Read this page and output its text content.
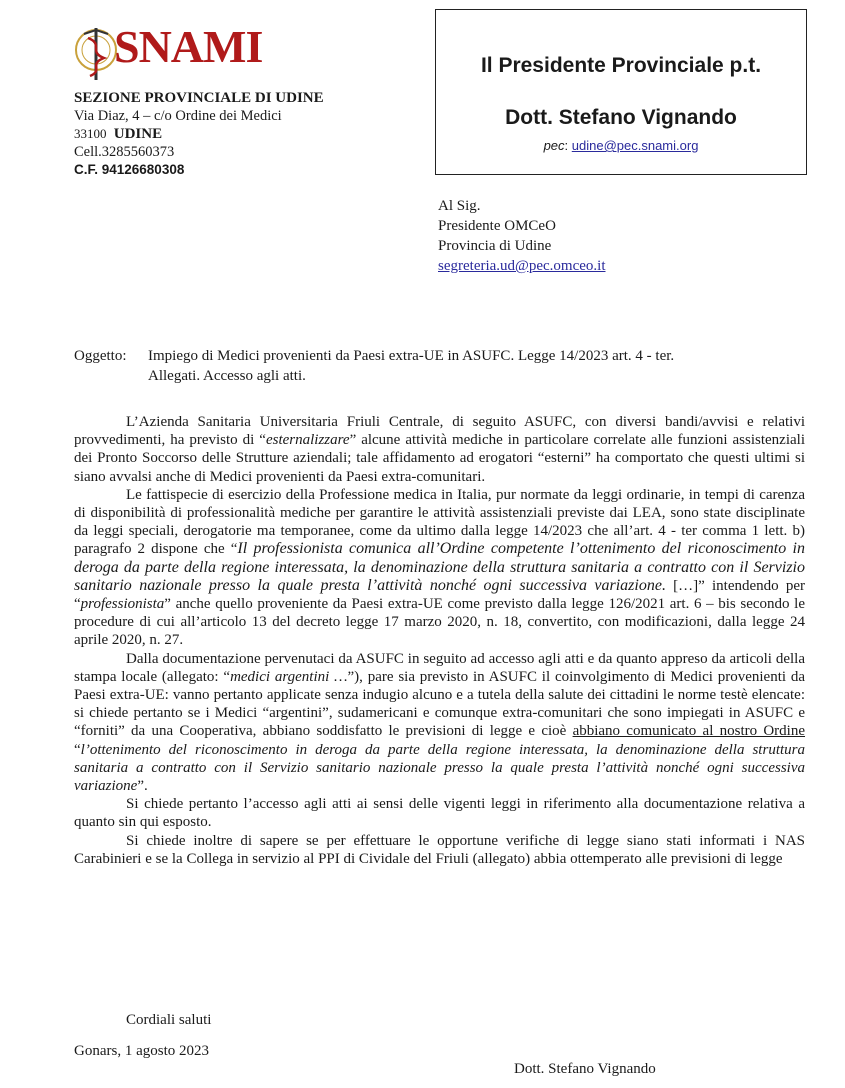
SNAMI
SEZIONE PROVINCIALE DI UDINE
Via Diaz, 4 – c/o Ordine dei Medici
33100 UDINE
Cell.3285560373
C.F. 94126680308
Il Presidente Provinciale p.t.
Dott. Stefano Vignando
pec: udine@pec.snami.org
Al Sig.
Presidente OMCeO
Provincia di Udine
segreteria.ud@pec.omceo.it
Oggetto: Impiego di Medici provenienti da Paesi extra-UE in ASUFC. Legge 14/2023 art. 4 - ter.
Allegati. Accesso agli atti.

L’Azienda Sanitaria Universitaria Friuli Centrale, di seguito ASUFC, con diversi bandi/avvisi e relativi provvedimenti, ha previsto di “esternalizzare” alcune attività mediche in particolare correlate alle funzioni assistenziali dei Pronto Soccorso delle Strutture aziendali; tale affidamento ad erogatori “esterni” ha comportato che questi ultimi si siano avvalsi anche di Medici provenienti da Paesi extra-comunitari.

Le fattispecie di esercizio della Professione medica in Italia, pur normate da leggi ordinarie, in tempi di carenza di disponibilità di professionalità mediche per garantire le attività assistenziali previste dai LEA, sono state disciplinate da leggi speciali, derogatorie ma temporanee, come da ultimo dalla legge 14/2023 che all’art. 4 - ter comma 1 lett. b) paragrafo 2 dispone che “Il professionista comunica all’Ordine competente l’ottenimento del riconoscimento in deroga da parte della regione interessata, la denominazione della struttura sanitaria a contratto con il Servizio sanitario nazionale presso la quale presta l’attività nonché ogni successiva variazione. […]” intendendo per “professionista” anche quello proveniente da Paesi extra-UE come previsto dalla legge 126/2021 art. 6 – bis secondo le procedure di cui all’articolo 13 del decreto legge 17 marzo 2020, n. 18, convertito, con modificazioni, dalla legge 24 aprile 2020, n. 27.

Dalla documentazione pervenutaci da ASUFC in seguito ad accesso agli atti e da quanto appreso da articoli della stampa locale (allegato: “medici argentini …”), pare sia previsto in ASUFC il coinvolgimento di Medici provenienti da Paesi extra-UE: vanno pertanto applicate senza indugio alcuno e a tutela della salute dei cittadini le norme testè elencate: si chiede pertanto se i Medici “argentini”, sudamericani e comunque extra-comunitari che sono impiegati in ASUFC e “forniti” da una Cooperativa, abbiano soddisfatto le previsioni di legge e cioè abbiano comunicato al nostro Ordine “l’ottenimento del riconoscimento in deroga da parte della regione interessata, la denominazione della struttura sanitaria a contratto con il Servizio sanitario nazionale presso la quale presta l’attività nonché ogni successiva variazione”.

Si chiede pertanto l’accesso agli atti ai sensi delle vigenti leggi in riferimento alla documentazione relativa a quanto sin qui esposto.

Si chiede inoltre di sapere se per effettuare le opportune verifiche di legge siano stati informati i NAS Carabinieri e se la Collega in servizio al PPI di Cividale del Friuli (allegato) abbia ottemperato alle previsioni di legge

Cordiali saluti
Gonars, 1 agosto 2023
Dott. Stefano Vignando
